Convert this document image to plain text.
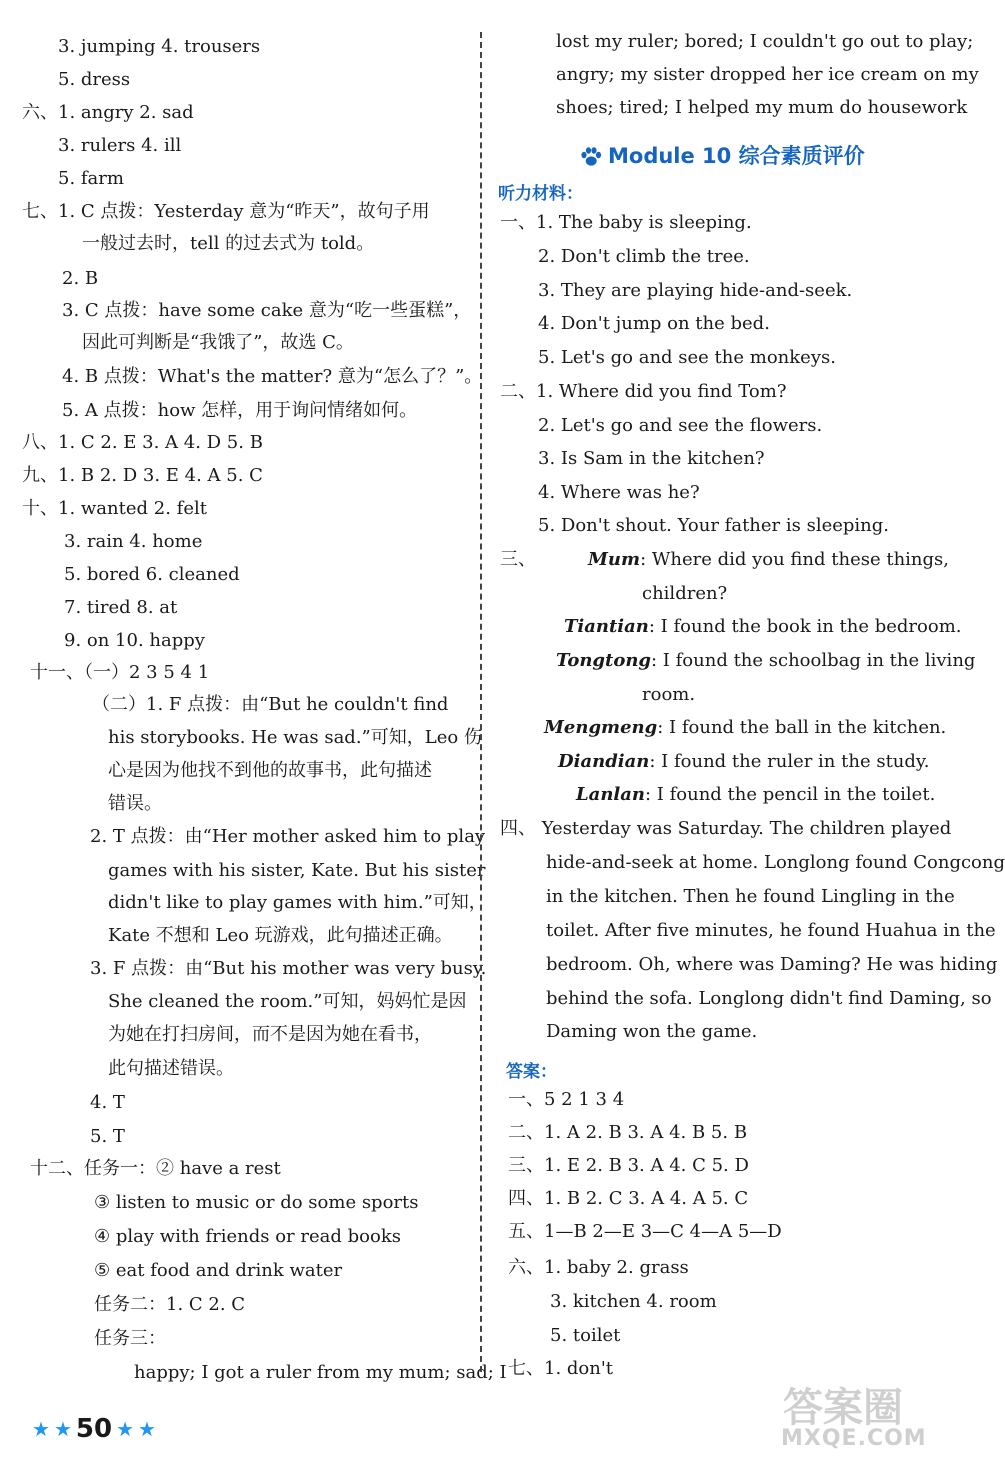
3. jumping 4. trousers
5. dress
六、1. angry 2. sad
3. rulers 4. ill
5. farm
七、1. C 点拨：Yesterday 意为“昨天”，故句子用
一般过去时，tell 的过去式为 told。
2. B
3. C 点拨：have some cake 意为“吃一些蛋糕”，
因此可判断是“我饿了”，故选 C。
4. B 点拨：What's the matter? 意为“怎么了？”。
5. A 点拨：how 怎样，用于询问情绪如何。
八、1. C 2. E 3. A 4. D 5. B
九、1. B 2. D 3. E 4. A 5. C
十、1. wanted 2. felt
3. rain 4. home
5. bored 6. cleaned
7. tired 8. at
9. on 10. happy
十一、（一）2 3 5 4 1
（二）1. F 点拨：由“But he couldn't find
his storybooks. He was sad.”可知，Leo 伤
心是因为他找不到他的故事书，此句描述
错误。
2. T 点拨：由“Her mother asked him to play
games with his sister, Kate. But his sister
didn't like to play games with him.”可知，
Kate 不想和 Leo 玩游戏，此句描述正确。
3. F 点拨：由“But his mother was very busy.
She cleaned the room.”可知，妈妈忙是因
为她在打扫房间，而不是因为她在看书，
此句描述错误。
4. T
5. T
十二、任务一：② have a rest
③ listen to music or do some sports
④ play with friends or read books
⑤ eat food and drink water
任务二：1. C 2. C
任务三：
happy; I got a ruler from my mum; sad; I
lost my ruler; bored; I couldn't go out to play;
angry; my sister dropped her ice cream on my
shoes; tired; I helped my mum do housework
一、1. The baby is sleeping.
2. Don't climb the tree.
3. They are playing hide-and-seek.
4. Don't jump on the bed.
5. Let's go and see the monkeys.
二、1. Where did you find Tom?
2. Let's go and see the flowers.
3. Is Sam in the kitchen?
4. Where was he?
5. Don't shout. Your father is sleeping.
四、 Yesterday was Saturday. The children played
hide-and-seek at home. Longlong found Congcong
in the kitchen. Then he found Lingling in the
toilet. After five minutes, he found Huahua in the
bedroom. Oh, where was Daming? He was hiding
behind the sofa. Longlong didn't find Daming, so
Daming won the game.
一、5 2 1 3 4
二、1. A 2. B 3. A 4. B 5. B
三、1. E 2. B 3. A 4. C 5. D
四、1. B 2. C 3. A 4. A 5. C
五、1—B 2—E 3—C 4—A 5—D
六、1. baby 2. grass
3. kitchen 4. room
5. toilet
七、1. don't
三、	Mum: Where did you find these things,
children?
Tiantian: I found the book in the bedroom.
Tongtong: I found the schoolbag in the living
room.
Mengmeng: I found the ball in the kitchen.
Diandian: I found the ruler in the study.
Lanlan: I found the pencil in the toilet.
Module 10 综合素质评价
听力材料：
答案：
★ ★ 50 ★ ★	答案圈
MXQE.COM
